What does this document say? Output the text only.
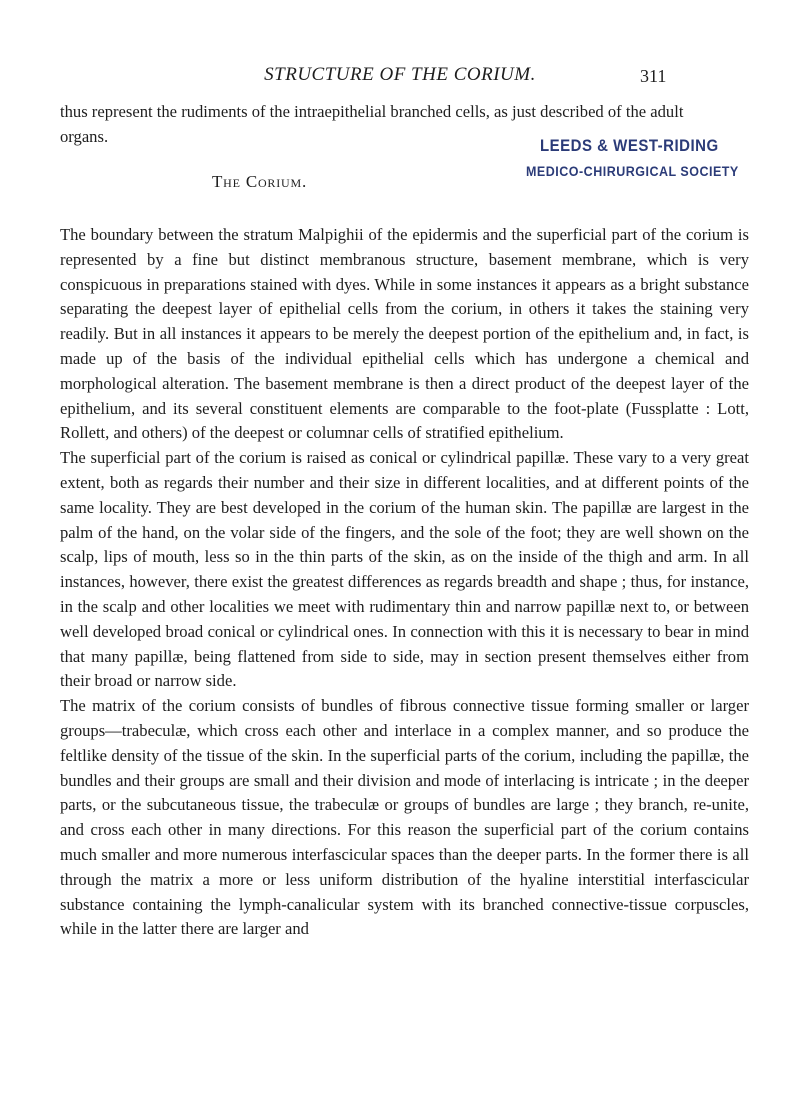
STRUCTURE OF THE CORIUM.	311
LEEDS & WEST-RIDING
MEDICO-CHIRURGICAL SOCIETY
thus represent the rudiments of the intraepithelial branched cells, as just described of the adult organs.
The Corium.

The boundary between the stratum Malpighii of the epidermis and the superficial part of the corium is represented by a fine but distinct membranous structure, basement membrane, which is very conspicuous in preparations stained with dyes. While in some instances it appears as a bright substance separating the deepest layer of epithelial cells from the corium, in others it takes the staining very readily. But in all instances it appears to be merely the deepest portion of the epithelium and, in fact, is made up of the basis of the individual epithelial cells which has undergone a chemical and morphological alteration. The basement membrane is then a direct product of the deepest layer of the epithelium, and its several constituent elements are comparable to the foot-plate (Fussplatte : Lott, Rollett, and others) of the deepest or columnar cells of stratified epithelium.

The superficial part of the corium is raised as conical or cylindrical papillæ. These vary to a very great extent, both as regards their number and their size in different localities, and at different points of the same locality. They are best developed in the corium of the human skin. The papillæ are largest in the palm of the hand, on the volar side of the fingers, and the sole of the foot; they are well shown on the scalp, lips of mouth, less so in the thin parts of the skin, as on the inside of the thigh and arm. In all instances, however, there exist the greatest differences as regards breadth and shape ; thus, for instance, in the scalp and other localities we meet with rudimentary thin and narrow papillæ next to, or between well developed broad conical or cylindrical ones. In connection with this it is necessary to bear in mind that many papillæ, being flattened from side to side, may in section present themselves either from their broad or narrow side.

The matrix of the corium consists of bundles of fibrous connective tissue forming smaller or larger groups—trabeculæ, which cross each other and interlace in a complex manner, and so produce the feltlike density of the tissue of the skin. In the superficial parts of the corium, including the papillæ, the bundles and their groups are small and their division and mode of interlacing is intricate ; in the deeper parts, or the subcutaneous tissue, the trabeculæ or groups of bundles are large ; they branch, re-unite, and cross each other in many directions. For this reason the superficial part of the corium contains much smaller and more numerous interfascicular spaces than the deeper parts. In the former there is all through the matrix a more or less uniform distribution of the hyaline interstitial interfascicular substance containing the lymph-canalicular system with its branched connective-tissue corpuscles, while in the latter there are larger and
